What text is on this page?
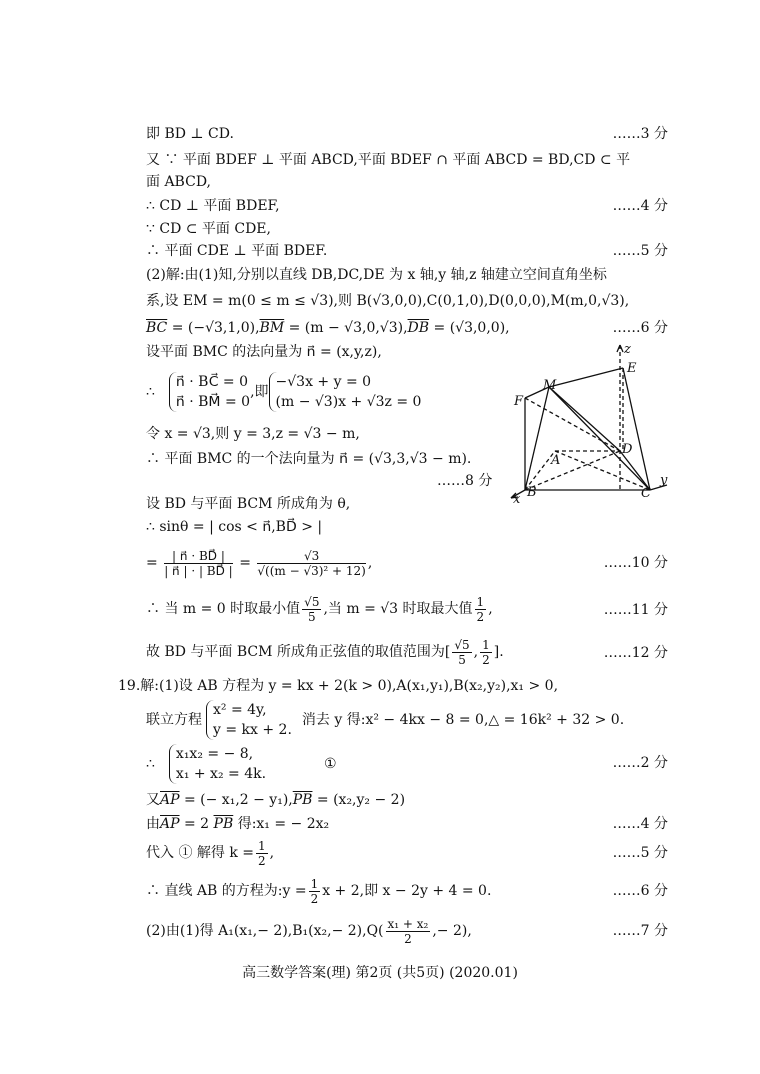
即 BD ⊥ CD.	……3 分
又 ∵ 平面 BDEF ⊥ 平面 ABCD,平面 BDEF ∩ 平面 ABCD = BD,CD ⊂ 平
面 ABCD,
∴ CD ⊥ 平面 BDEF,	……4 分
∵ CD ⊂ 平面 CDE,
∴ 平面 CDE ⊥ 平面 BDEF.	……5 分
(2)解:由(1)知,分别以直线 DB,DC,DE 为 x 轴,y 轴,z 轴建立空间直角坐标
系,设 EM = m(0 ≤ m ≤ √3),则 B(√3,0,0),C(0,1,0),D(0,0,0),M(m,0,√3),
$\overline{BC} = (-√3,1,0),\overline{BM} = (m - √3,0,√3),\overline{DB} = (√3,0,0)$,	……6 分
设平面 BMC 的法向量为 n⃗ = (x,y,z),
∴
n⃗ · BC⃗ = 0
n⃗ · BM⃗ = 0
,即
−√3x + y = 0
(m − √3)x + √3z = 0
令 x = √3,则 y = 3,z = √3 − m,
∴ 平面 BMC 的一个法向量为 n⃗ = (√3,3,√3 − m).
……8 分
设 BD 与平面 BCM 所成角为 θ,
∴ sinθ = | cos < n⃗,BD⃗ > |
= $\frac{| n⃗ \cdot BD⃗ |}{| n⃗ | \cdot | BD⃗ |} = \frac{√3}{\text{√((m − √3)² + 12)}}$ ,	……10 分
∴ 当 m = 0 时取最小值 $\frac{√5}{5}$ ,当 m = √3 时取最大值 $\frac{1}{2}$ ,	……11 分
故 BD 与平面 BCM 所成角正弦值的取值范围为[ $\frac{√5}{5}$ , $\frac{1}{2}$ ].	……12 分
19.解:(1)设 AB 方程为 y = kx + 2(k > 0),A(x₁,y₁),B(x₂,y₂),x₁ > 0,
联立方程
x² = 4y,
y = kx + 2.
消去 y 得:x² − 4kx − 8 = 0,△ = 16k² + 32 > 0.
∴
x₁x₂ = − 8,
x₁ + x₂ = 4k.
①	……2 分
又$\overline{AP}$ = (− $x_1,2 - y_1),\overline{PB} = (x_2,y_2 - 2)$
由$\overline{AP} = 2$ $\overline{PB}$ 得:x₁ = − 2x₂	……4 分
代入 ① 解得 $k = \frac{1}{2}$ ,	……5 分
∴ 直线 AB 的方程为:y = $\frac{1}{2}$ x + 2,即 x − 2y + 4 = 0.	……6 分
(2)由(1)得 $A_1(x_1,- 2),B_1(x_2,- 2),Q( \frac{\text{x₁ + x₂}}{2}$ ,− 2),	……7 分
z
E
M
F
A
D
B	C
y
x
高三数学答案(理) 第2页 (共5页) (2020.01)
